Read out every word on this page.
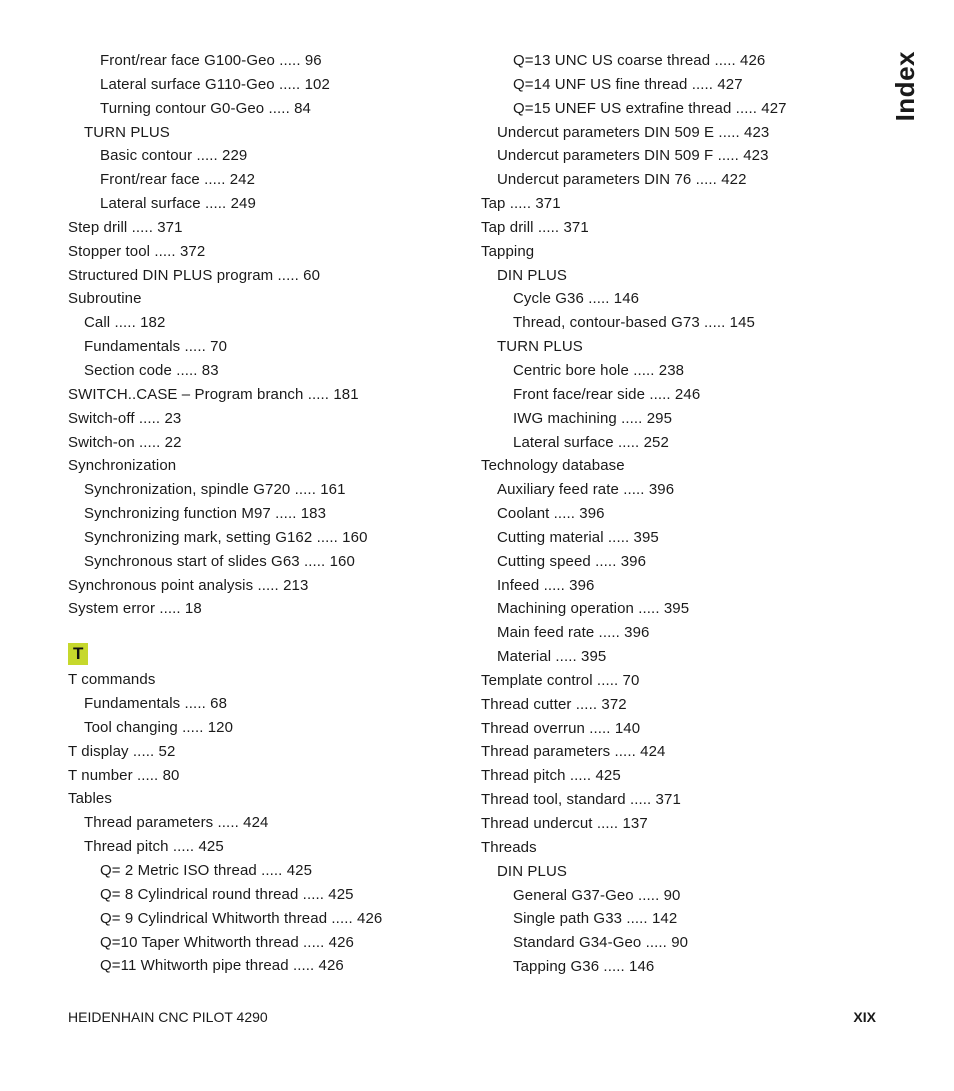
Front/rear face G100-Geo ..... 96
Lateral surface G110-Geo ..... 102
Turning contour G0-Geo ..... 84
TURN PLUS
Basic contour ..... 229
Front/rear face ..... 242
Lateral surface ..... 249
Step drill ..... 371
Stopper tool ..... 372
Structured DIN PLUS program ..... 60
Subroutine
Call ..... 182
Fundamentals ..... 70
Section code ..... 83
SWITCH..CASE – Program branch ..... 181
Switch-off ..... 23
Switch-on ..... 22
Synchronization
Synchronization, spindle G720 ..... 161
Synchronizing function M97 ..... 183
Synchronizing mark, setting G162 ..... 160
Synchronous start of slides G63 ..... 160
Synchronous point analysis ..... 213
System error ..... 18
T
T commands
Fundamentals ..... 68
Tool changing ..... 120
T display ..... 52
T number ..... 80
Tables
Thread parameters ..... 424
Thread pitch ..... 425
Q= 2 Metric ISO thread ..... 425
Q= 8 Cylindrical round thread ..... 425
Q= 9 Cylindrical Whitworth thread ..... 426
Q=10 Taper Whitworth thread ..... 426
Q=11 Whitworth pipe thread ..... 426
Q=13 UNC US coarse thread ..... 426
Q=14 UNF US fine thread ..... 427
Q=15 UNEF US extrafine thread ..... 427
Undercut parameters DIN 509 E ..... 423
Undercut parameters DIN 509 F ..... 423
Undercut parameters DIN 76 ..... 422
Tap ..... 371
Tap drill ..... 371
Tapping
DIN PLUS
Cycle G36 ..... 146
Thread, contour-based G73 ..... 145
TURN PLUS
Centric bore hole ..... 238
Front face/rear side ..... 246
IWG machining ..... 295
Lateral surface ..... 252
Technology database
Auxiliary feed rate ..... 396
Coolant ..... 396
Cutting material ..... 395
Cutting speed ..... 396
Infeed ..... 396
Machining operation ..... 395
Main feed rate ..... 396
Material ..... 395
Template control ..... 70
Thread cutter ..... 372
Thread overrun ..... 140
Thread parameters ..... 424
Thread pitch ..... 425
Thread tool, standard ..... 371
Thread undercut ..... 137
Threads
DIN PLUS
General G37-Geo ..... 90
Single path G33 ..... 142
Standard G34-Geo ..... 90
Tapping G36 ..... 146
Index
HEIDENHAIN CNC PILOT 4290	XIX
